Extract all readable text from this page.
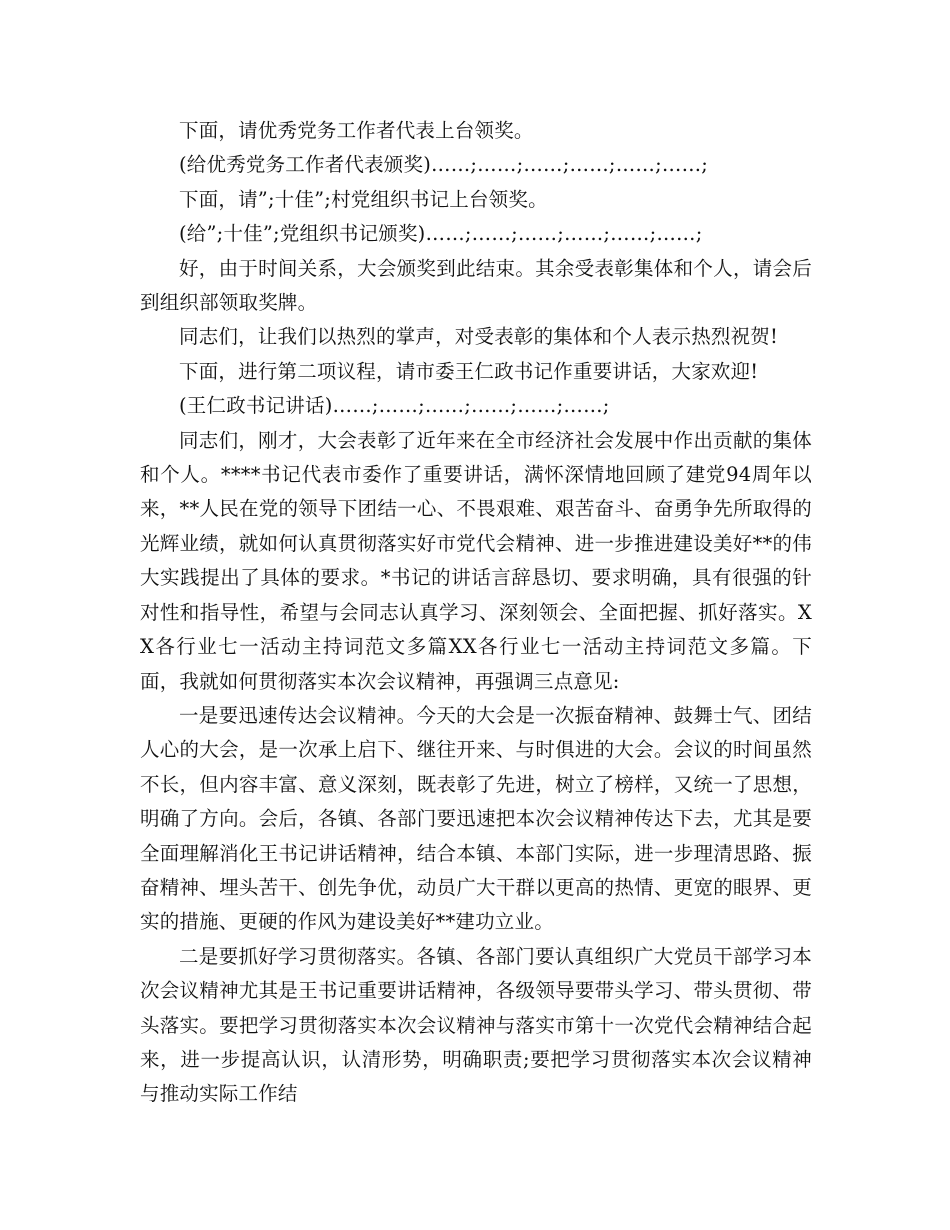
下面，请优秀党务工作者代表上台领奖。

(给优秀党务工作者代表颁奖)……;……;……;……;……;……;

下面，请”;十佳”;村党组织书记上台领奖。

(给”;十佳”;党组织书记颁奖)……;……;……;……;……;……;

好，由于时间关系，大会颁奖到此结束。其余受表彰集体和个人，请会后到组织部领取奖牌。

同志们，让我们以热烈的掌声，对受表彰的集体和个人表示热烈祝贺!

下面，进行第二项议程，请市委王仁政书记作重要讲话，大家欢迎!

(王仁政书记讲话)……;……;……;……;……;……;

同志们，刚才，大会表彰了近年来在全市经济社会发展中作出贡献的集体和个人。****书记代表市委作了重要讲话，满怀深情地回顾了建党94周年以来，**人民在党的领导下团结一心、不畏艰难、艰苦奋斗、奋勇争先所取得的光辉业绩，就如何认真贯彻落实好市党代会精神、进一步推进建设美好**的伟大实践提出了具体的要求。*书记的讲话言辞恳切、要求明确，具有很强的针对性和指导性，希望与会同志认真学习、深刻领会、全面把握、抓好落实。XX各行业七一活动主持词范文多篇XX各行业七一活动主持词范文多篇。下面，我就如何贯彻落实本次会议精神，再强调三点意见:

一是要迅速传达会议精神。今天的大会是一次振奋精神、鼓舞士气、团结人心的大会，是一次承上启下、继往开来、与时俱进的大会。会议的时间虽然不长，但内容丰富、意义深刻，既表彰了先进，树立了榜样，又统一了思想，明确了方向。会后，各镇、各部门要迅速把本次会议精神传达下去，尤其是要全面理解消化王书记讲话精神，结合本镇、本部门实际，进一步理清思路、振奋精神、埋头苦干、创先争优，动员广大干群以更高的热情、更宽的眼界、更实的措施、更硬的作风为建设美好**建功立业。

二是要抓好学习贯彻落实。各镇、各部门要认真组织广大党员干部学习本次会议精神尤其是王书记重要讲话精神，各级领导要带头学习、带头贯彻、带头落实。要把学习贯彻落实本次会议精神与落实市第十一次党代会精神结合起来，进一步提高认识，认清形势，明确职责;要把学习贯彻落实本次会议精神与推动实际工作结
